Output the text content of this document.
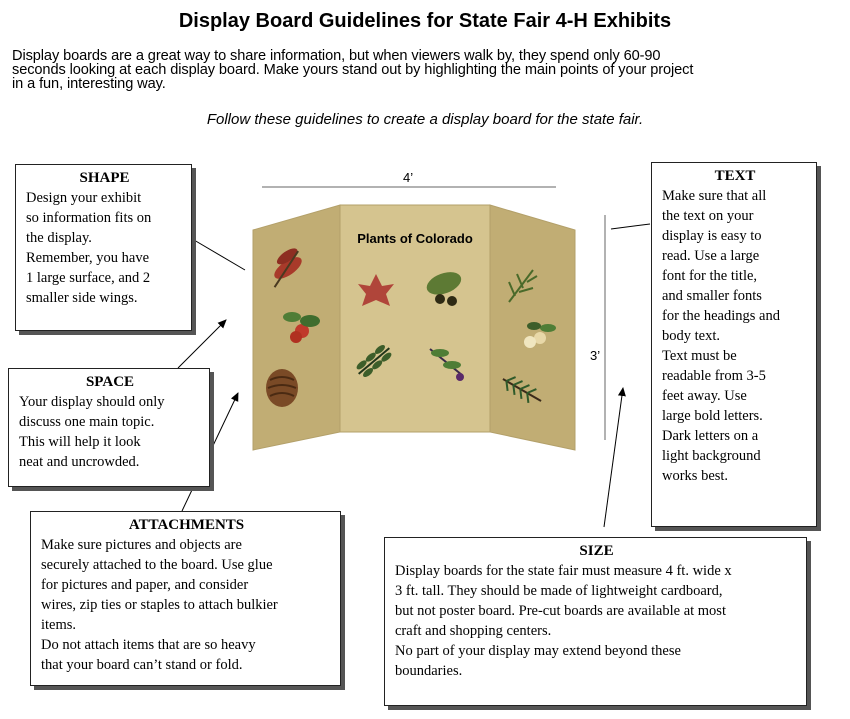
Display Board Guidelines for State Fair 4-H Exhibits
Display boards are a great way to share information, but when viewers walk by, they spend only 60-90
seconds looking at each display board. Make yours stand out by highlighting the main points of your project
in a fun, interesting way.
Follow these guidelines to create a display board for the state fair.
4’
3’
Plants of Colorado
SHAPE

Design your exhibit

so information fits on

the display.

Remember, you have

1 large surface, and 2

smaller side wings.

SPACE

Your display should only

discuss one main topic.

This will help it look

neat and uncrowded.

ATTACHMENTS

Make sure pictures and objects are

securely attached to the board. Use glue

for pictures and paper, and consider

wires, zip ties or staples to attach bulkier

items.

Do not attach items that are so heavy

that your board can’t stand or fold.

SIZE

Display boards for the state fair must measure 4 ft. wide x

3 ft. tall. They should be made of lightweight cardboard,

but not poster board. Pre-cut boards are available at most

craft and shopping centers.

No part of your display may extend beyond these

boundaries.

TEXT

Make sure that all

the text on your

display is easy to

read. Use a large

font for the title,

and smaller fonts

for the headings and

body text.

Text must be

readable from 3-5

feet away. Use

large bold letters.

Dark letters on a

light background

works best.
